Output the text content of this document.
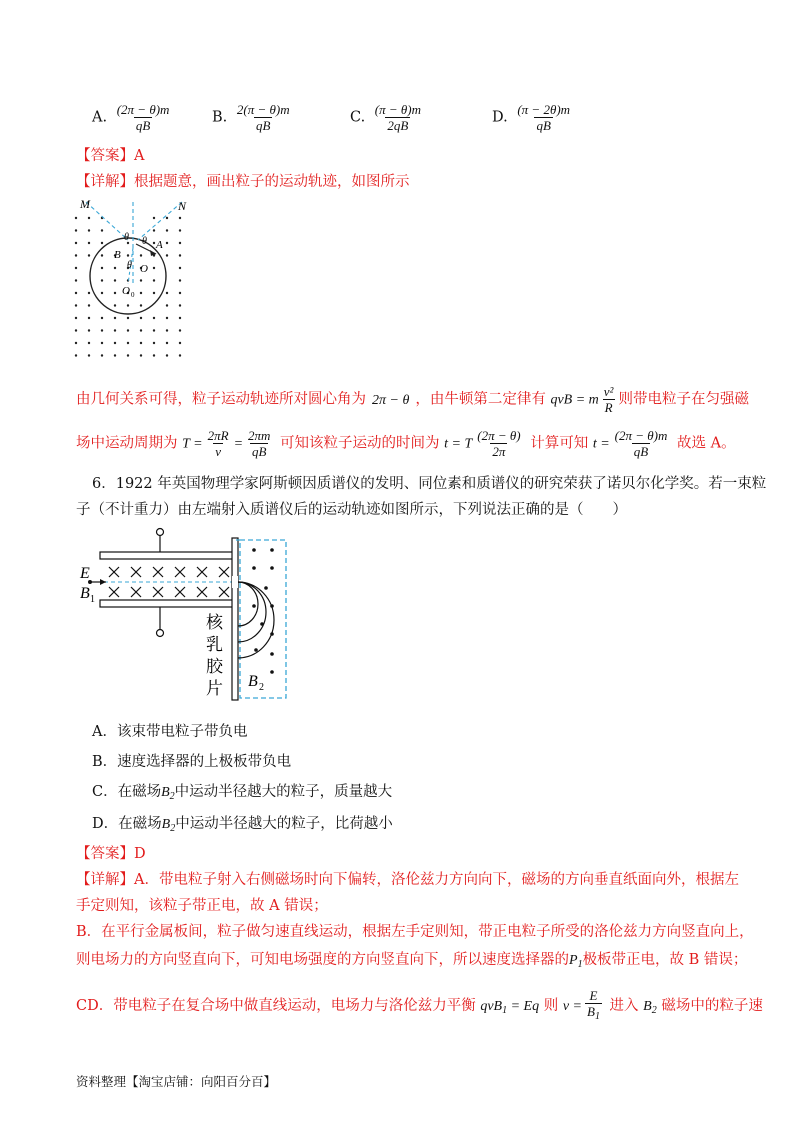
A. $\frac{(2\pi - \theta)m}{qB}$	B. $\frac{2(\pi - \theta)m}{qB}$	C. $\frac{(\pi - \theta)m}{2qB}$	D. $\frac{(\pi - 2\theta)m}{qB}$
【答案】A
【详解】根据题意，画出粒子的运动轨迹，如图所示
M	N
A
B
O
θ θ
θ
O 0
由几何关系可得，粒子运动轨迹所对圆心角为 2π − θ ，由牛顿第二定律有 qvB = m $\frac{\text{v²}}{R}$ 则带电粒子在匀强磁
场中运动周期为 $T = \frac{2\pi R}{v} = \frac{2\pi m}{qB}$ 可知该粒子运动的时间为 t = T $\frac{(2\pi - \theta)}{2\pi}$ 计算可知 $t = \frac{(2\pi - \theta)m}{qB}$ 故选 A。
6．1922 年英国物理学家阿斯顿因质谱仪的发明、同位素和质谱仪的研究荣获了诺贝尔化学奖。若一束粒
子（不计重力）由左端射入质谱仪后的运动轨迹如图所示，下列说法正确的是（　　）
E
B 1
核
乳
胶
片 B 2
A．该束带电粒子带负电
B．速度选择器的上极板带负电
C．在磁场$B_2$中运动半径越大的粒子，质量越大
D．在磁场$B_2$中运动半径越大的粒子，比荷越小
【答案】D
【详解】A．带电粒子射入右侧磁场时向下偏转，洛伦兹力方向向下，磁场的方向垂直纸面向外，根据左
手定则知，该粒子带正电，故 A 错误；
B．在平行金属板间，粒子做匀速直线运动，根据左手定则知，带正电粒子所受的洛伦兹力方向竖直向上，
则电场力的方向竖直向下，可知电场强度的方向竖直向下，所以速度选择器的$P_1$极板带正电，故 B 错误；
CD．带电粒子在复合场中做直线运动，电场力与洛伦兹力平衡 qvB$_1$ = Eq 则 $v = \frac{E}{B_1}$ 进入 $B_2$ 磁场中的粒子速
资料整理【淘宝店铺：向阳百分百】
